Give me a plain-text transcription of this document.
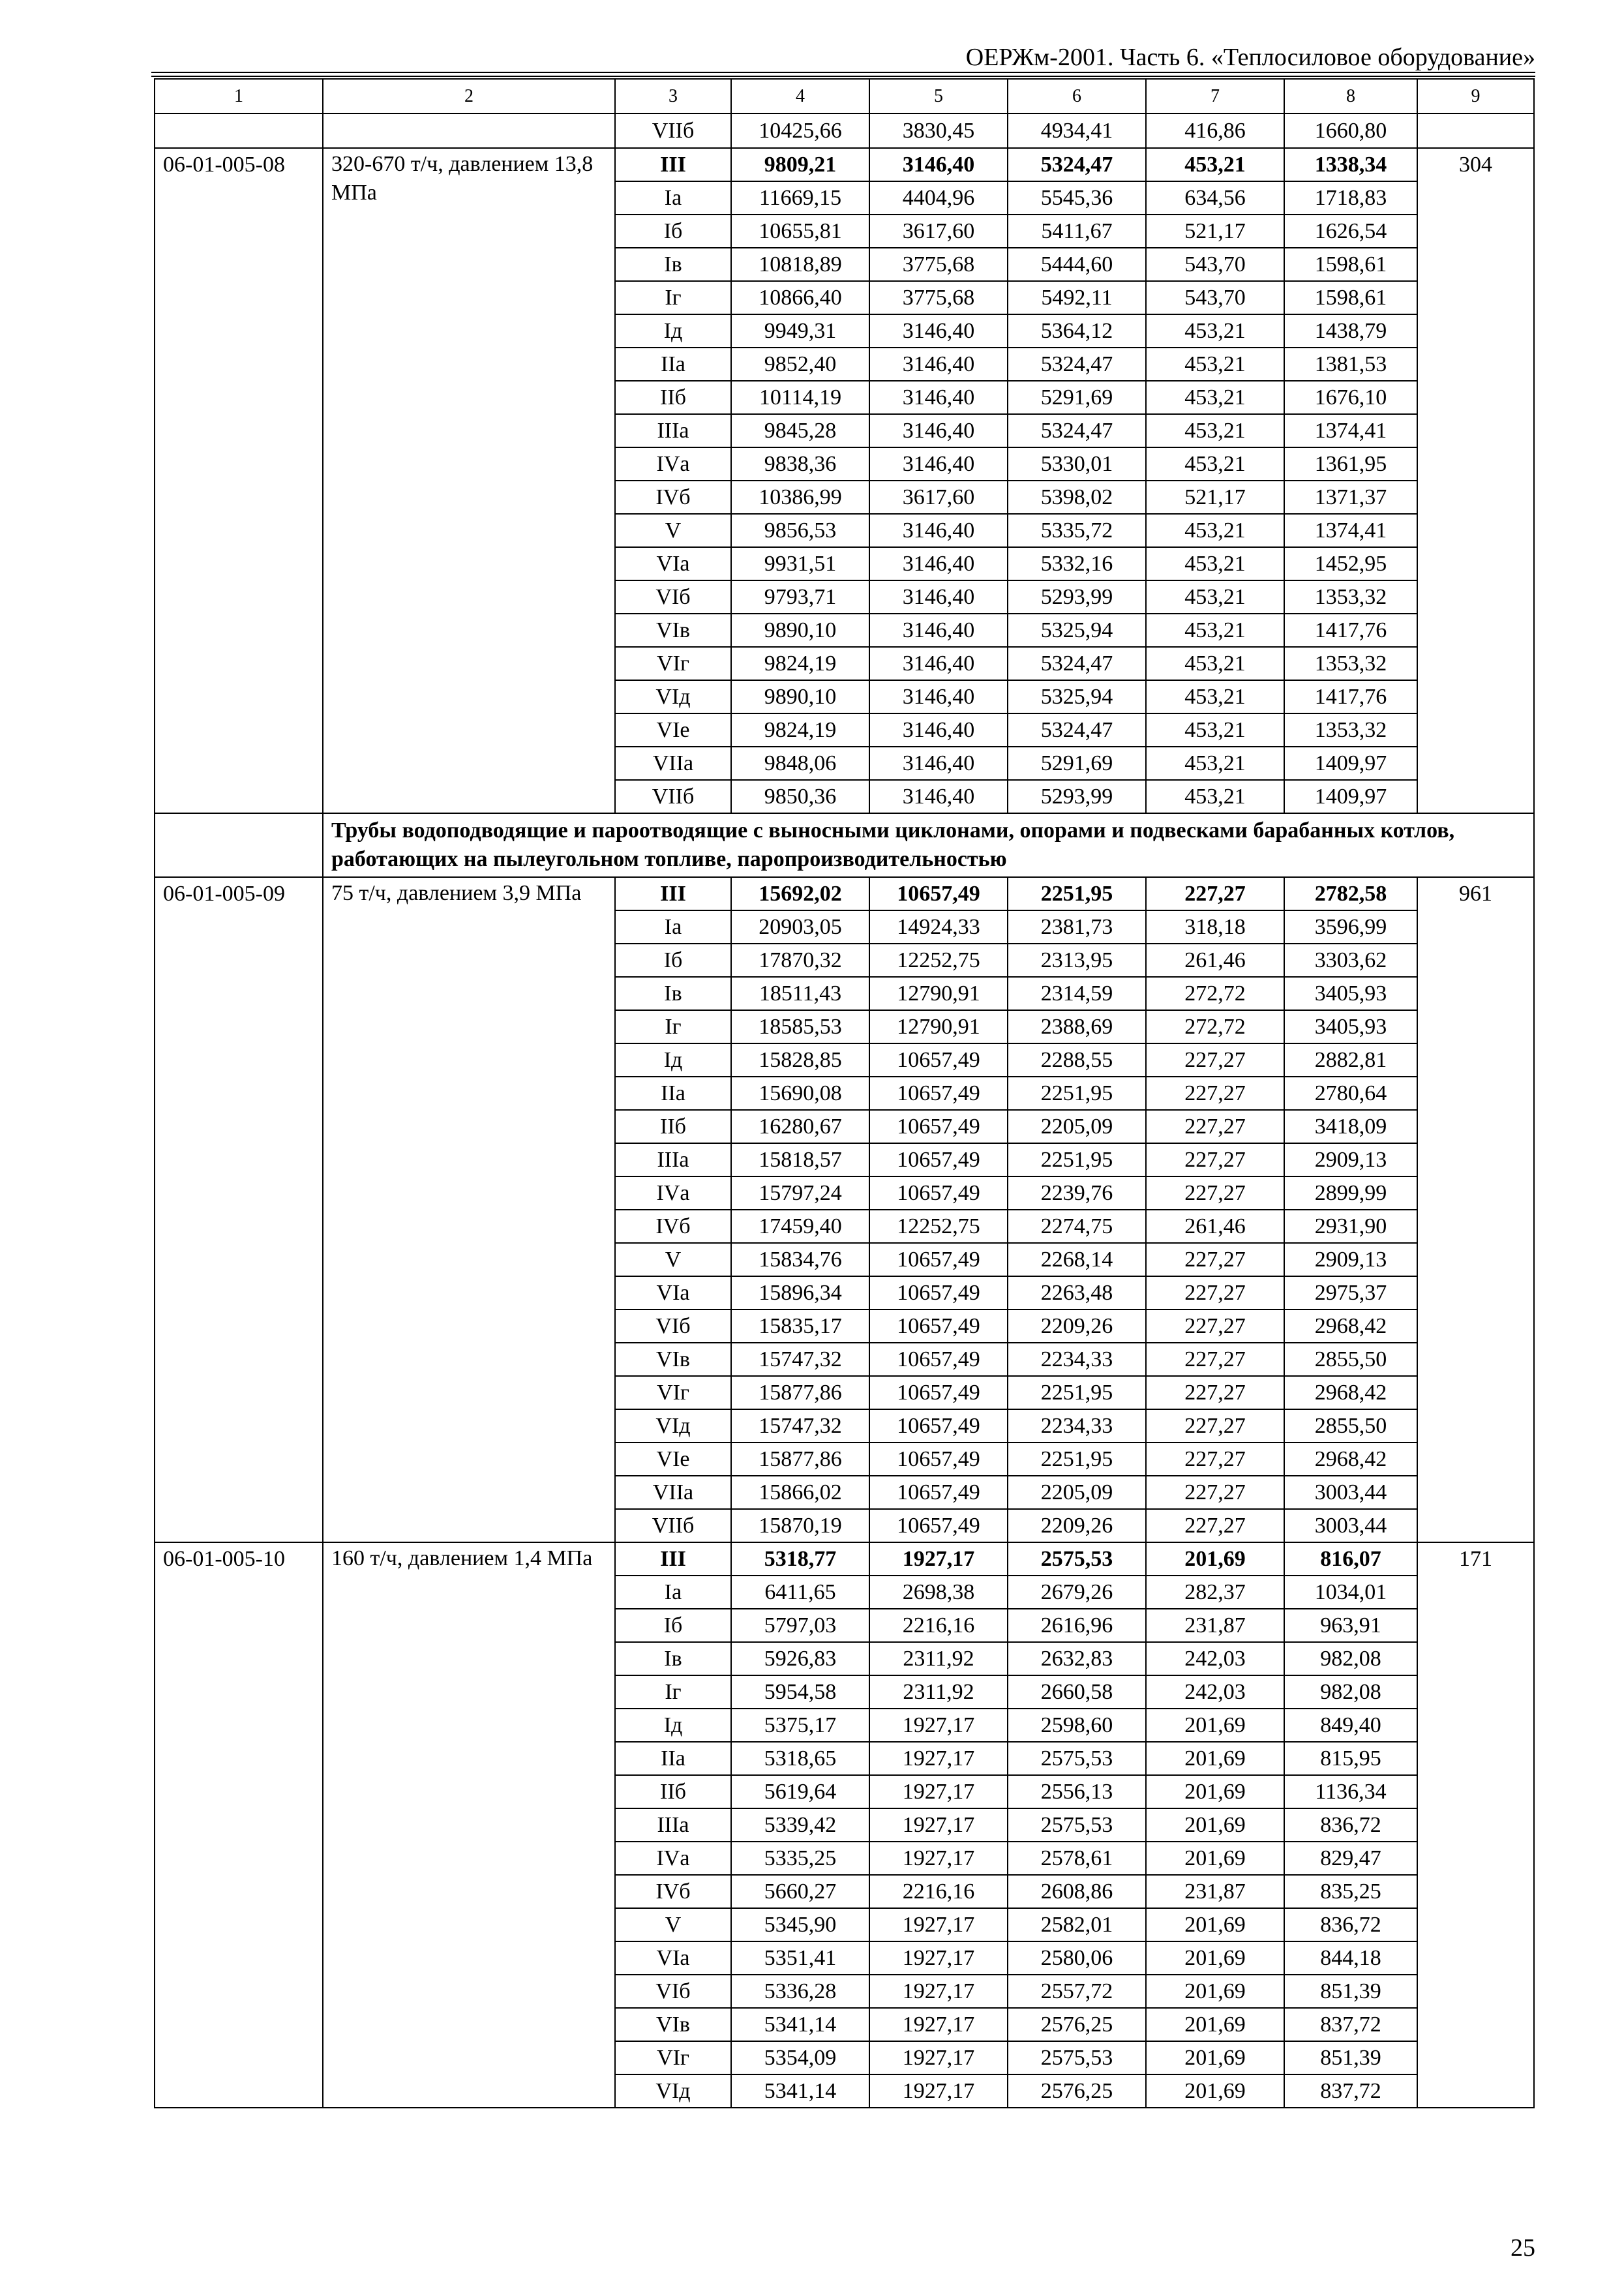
ОЕРЖм-2001. Часть 6. «Теплосиловое оборудование»
1	2	3	4	5	6	7	8	9
		VIIб	10425,66	3830,45	4934,41	416,86	1660,80	
06-01-005-08	320-670 т/ч, давлением 13,8 МПа	III	9809,21	3146,40	5324,47	453,21	1338,34	304
		Iа	11669,15	4404,96	5545,36	634,56	1718,83	
		Iб	10655,81	3617,60	5411,67	521,17	1626,54	
		Iв	10818,89	3775,68	5444,60	543,70	1598,61	
		Iг	10866,40	3775,68	5492,11	543,70	1598,61	
		Iд	9949,31	3146,40	5364,12	453,21	1438,79	
		IIа	9852,40	3146,40	5324,47	453,21	1381,53	
		IIб	10114,19	3146,40	5291,69	453,21	1676,10	
		IIIа	9845,28	3146,40	5324,47	453,21	1374,41	
		IVа	9838,36	3146,40	5330,01	453,21	1361,95	
		IVб	10386,99	3617,60	5398,02	521,17	1371,37	
		V	9856,53	3146,40	5335,72	453,21	1374,41	
		VIа	9931,51	3146,40	5332,16	453,21	1452,95	
		VIб	9793,71	3146,40	5293,99	453,21	1353,32	
		VIв	9890,10	3146,40	5325,94	453,21	1417,76	
		VIг	9824,19	3146,40	5324,47	453,21	1353,32	
		VIд	9890,10	3146,40	5325,94	453,21	1417,76	
		VIе	9824,19	3146,40	5324,47	453,21	1353,32	
		VIIа	9848,06	3146,40	5291,69	453,21	1409,97	
		VIIб	9850,36	3146,40	5293,99	453,21	1409,97	
	Трубы водоподводящие и пароотводящие с выносными циклонами, опорами и подвесками барабанных котлов, работающих на пылеугольном топливе, паропроизводительностью							
06-01-005-09	75 т/ч, давлением 3,9 МПа	III	15692,02	10657,49	2251,95	227,27	2782,58	961
		Iа	20903,05	14924,33	2381,73	318,18	3596,99	
		Iб	17870,32	12252,75	2313,95	261,46	3303,62	
		Iв	18511,43	12790,91	2314,59	272,72	3405,93	
		Iг	18585,53	12790,91	2388,69	272,72	3405,93	
		Iд	15828,85	10657,49	2288,55	227,27	2882,81	
		IIа	15690,08	10657,49	2251,95	227,27	2780,64	
		IIб	16280,67	10657,49	2205,09	227,27	3418,09	
		IIIа	15818,57	10657,49	2251,95	227,27	2909,13	
		IVа	15797,24	10657,49	2239,76	227,27	2899,99	
		IVб	17459,40	12252,75	2274,75	261,46	2931,90	
		V	15834,76	10657,49	2268,14	227,27	2909,13	
		VIа	15896,34	10657,49	2263,48	227,27	2975,37	
		VIб	15835,17	10657,49	2209,26	227,27	2968,42	
		VIв	15747,32	10657,49	2234,33	227,27	2855,50	
		VIг	15877,86	10657,49	2251,95	227,27	2968,42	
		VIд	15747,32	10657,49	2234,33	227,27	2855,50	
		VIе	15877,86	10657,49	2251,95	227,27	2968,42	
		VIIа	15866,02	10657,49	2205,09	227,27	3003,44	
		VIIб	15870,19	10657,49	2209,26	227,27	3003,44	
06-01-005-10	160 т/ч, давлением 1,4 МПа	III	5318,77	1927,17	2575,53	201,69	816,07	171
		Iа	6411,65	2698,38	2679,26	282,37	1034,01	
		Iб	5797,03	2216,16	2616,96	231,87	963,91	
		Iв	5926,83	2311,92	2632,83	242,03	982,08	
		Iг	5954,58	2311,92	2660,58	242,03	982,08	
		Iд	5375,17	1927,17	2598,60	201,69	849,40	
		IIа	5318,65	1927,17	2575,53	201,69	815,95	
		IIб	5619,64	1927,17	2556,13	201,69	1136,34	
		IIIа	5339,42	1927,17	2575,53	201,69	836,72	
		IVа	5335,25	1927,17	2578,61	201,69	829,47	
		IVб	5660,27	2216,16	2608,86	231,87	835,25	
		V	5345,90	1927,17	2582,01	201,69	836,72	
		VIа	5351,41	1927,17	2580,06	201,69	844,18	
		VIб	5336,28	1927,17	2557,72	201,69	851,39	
		VIв	5341,14	1927,17	2576,25	201,69	837,72	
		VIг	5354,09	1927,17	2575,53	201,69	851,39	
		VIд	5341,14	1927,17	2576,25	201,69	837,72	
25
